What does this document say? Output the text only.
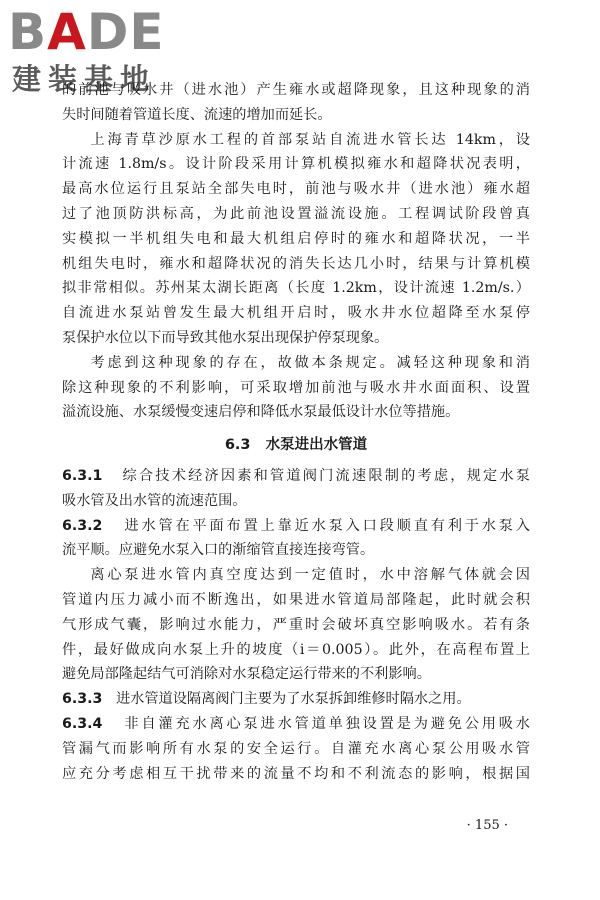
BADE
建装基地
的前池与吸水井（进水池）产生雍水或超降现象，且这种现象的消
失时间随着管道长度、流速的增加而延长。
上海青草沙原水工程的首部泵站自流进水管长达 14km，设
计流速 1.8m/s。设计阶段采用计算机模拟雍水和超降状况表明，
最高水位运行且泵站全部失电时，前池与吸水井（进水池）雍水超
过了池顶防洪标高，为此前池设置溢流设施。工程调试阶段曾真
实模拟一半机组失电和最大机组启停时的雍水和超降状况，一半
机组失电时，雍水和超降状况的消失长达几小时，结果与计算机模
拟非常相似。苏州某太湖长距离（长度 1.2km，设计流速 1.2m/s.）
自流进水泵站曾发生最大机组开启时，吸水井水位超降至水泵停
泵保护水位以下而导致其他水泵出现保护停泵现象。
考虑到这种现象的存在，故做本条规定。减轻这种现象和消
除这种现象的不利影响，可采取增加前池与吸水井水面面积、设置
溢流设施、水泵缓慢变速启停和降低水泵最低设计水位等措施。
6.3 水泵进出水管道
6.3.1 综合技术经济因素和管道阀门流速限制的考虑，规定水泵
吸水管及出水管的流速范围。
6.3.2 进水管在平面布置上靠近水泵入口段顺直有利于水泵入
流平顺。应避免水泵入口的渐缩管直接连接弯管。
离心泵进水管内真空度达到一定值时，水中溶解气体就会因
管道内压力减小而不断逸出，如果进水管道局部隆起，此时就会积
气形成气囊，影响过水能力，严重时会破坏真空影响吸水。若有条
件，最好做成向水泵上升的坡度（i＝0.005）。此外，在高程布置上
避免局部隆起结气可消除对水泵稳定运行带来的不利影响。
6.3.3 进水管道设隔离阀门主要为了水泵拆卸维修时隔水之用。
6.3.4 非自灌充水离心泵进水管道单独设置是为避免公用吸水
管漏气而影响所有水泵的安全运行。自灌充水离心泵公用吸水管
应充分考虑相互干扰带来的流量不均和不利流态的影响，根据国
· 155 ·
